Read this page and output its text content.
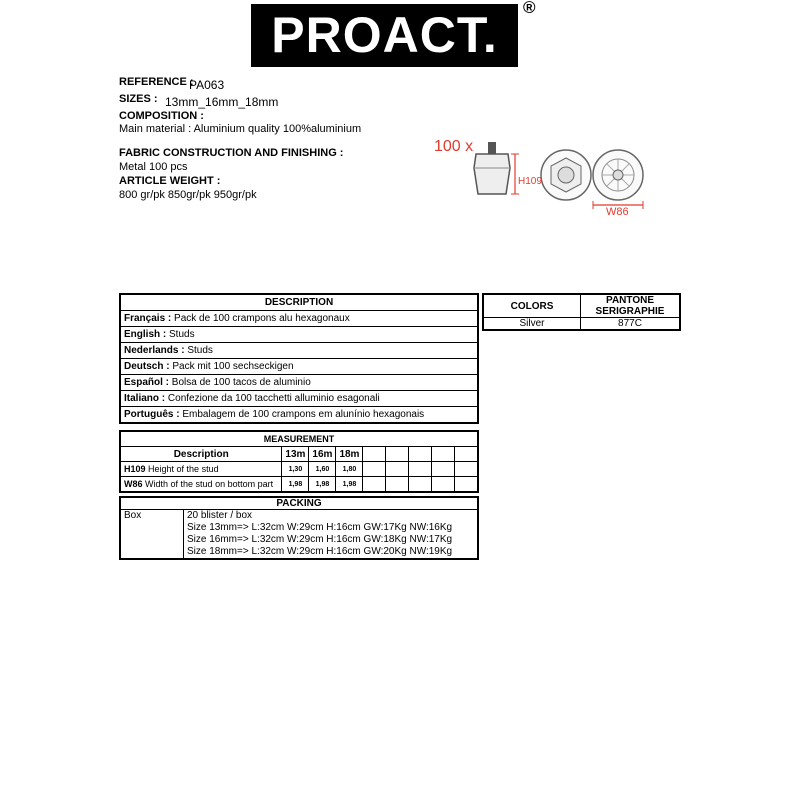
PROACT.	®
REFERENCE :
PA063
SIZES : 13mm_16mm_18mm
COMPOSITION :
Main material : Aluminium quality 100%aluminium
FABRIC CONSTRUCTION AND FINISHING :
Metal 100 pcs
ARTICLE WEIGHT :
800 gr/pk 850gr/pk 950gr/pk
100 x
H109
W86
DESCRIPTION
Français : Pack de 100 crampons alu hexagonaux
English : Studs
Nederlands : Studs
Deutsch : Pack mit 100 sechseckigen
Español : Bolsa de 100 tacos de aluminio
Italiano : Confezione da 100 tacchetti alluminio esagonali
Português : Embalagem de 100 crampons em alunínio hexagonais
COLORS	PANTONE SERIGRAPHIE
Silver	877C
MEASUREMENT								
Description	13m	16m	18m					
H109 Height of the stud	1,30	1,60	1,80					
W86 Width of the stud on bottom part	1,98	1,98	1,98					
PACKING
Box	20 blister / box
Size 13mm=> L:32cm W:29cm H:16cm GW:17Kg NW:16Kg
Size 16mm=> L:32cm W:29cm H:16cm GW:18Kg NW:17Kg
Size 18mm=> L:32cm W:29cm H:16cm GW:20Kg NW:19Kg
